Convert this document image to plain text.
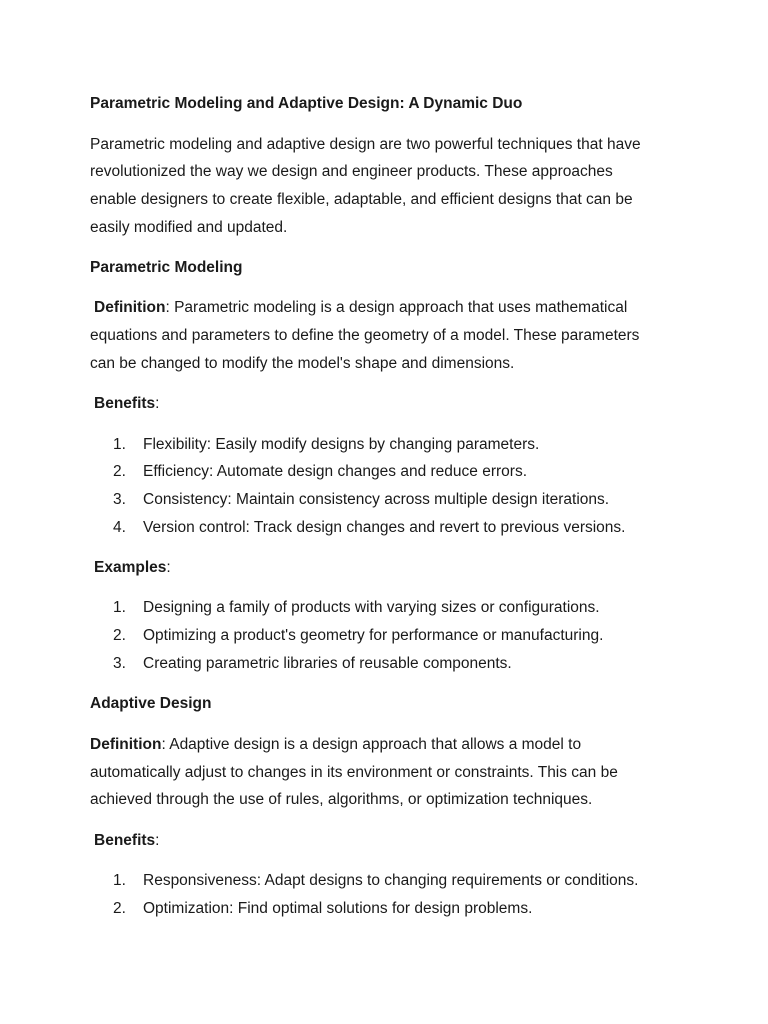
Parametric Modeling and Adaptive Design: A Dynamic Duo
Parametric modeling and adaptive design are two powerful techniques that have
revolutionized the way we design and engineer products. These approaches
enable designers to create flexible, adaptable, and efficient designs that can be
easily modified and updated.
Parametric Modeling
Definition: Parametric modeling is a design approach that uses mathematical
equations and parameters to define the geometry of a model. These parameters
can be changed to modify the model's shape and dimensions.
Benefits:
1. Flexibility: Easily modify designs by changing parameters.
2. Efficiency: Automate design changes and reduce errors.
3. Consistency: Maintain consistency across multiple design iterations.
4. Version control: Track design changes and revert to previous versions.
Examples:
1. Designing a family of products with varying sizes or configurations.
2. Optimizing a product's geometry for performance or manufacturing.
3. Creating parametric libraries of reusable components.
Adaptive Design
Definition: Adaptive design is a design approach that allows a model to
automatically adjust to changes in its environment or constraints. This can be
achieved through the use of rules, algorithms, or optimization techniques.
Benefits:
1. Responsiveness: Adapt designs to changing requirements or conditions.
2. Optimization: Find optimal solutions for design problems.
